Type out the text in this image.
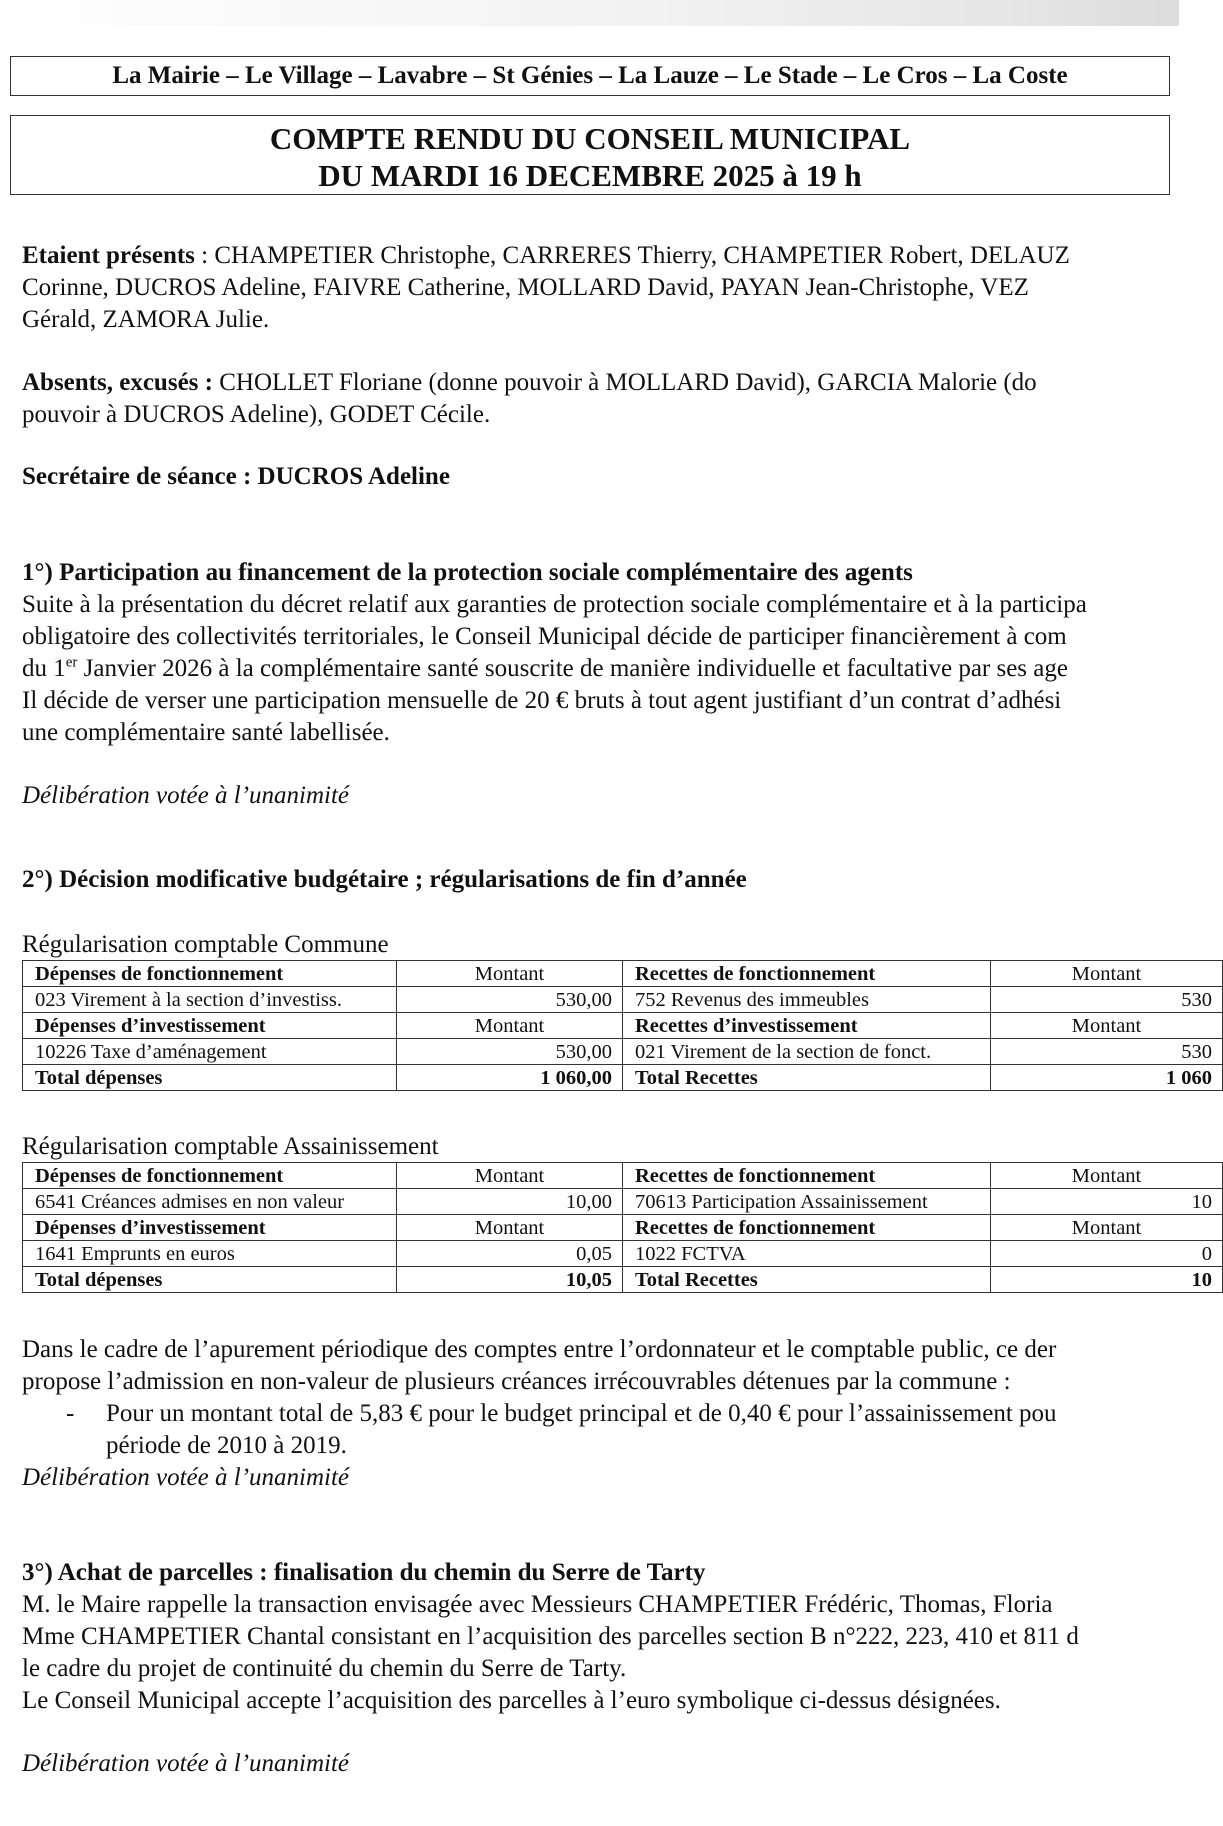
La Mairie – Le Village – Lavabre – St Génies – La Lauze – Le Stade – Le Cros – La Coste
COMPTE RENDU DU CONSEIL MUNICIPAL
DU MARDI 16 DECEMBRE 2025 à 19 h
Etaient présents : CHAMPETIER Christophe, CARRERES Thierry, CHAMPETIER Robert, DELAUZ
Corinne, DUCROS Adeline, FAIVRE Catherine, MOLLARD David, PAYAN Jean-Christophe, VEZ
Gérald, ZAMORA Julie.
Absents, excusés : CHOLLET Floriane (donne pouvoir à MOLLARD David), GARCIA Malorie (do
pouvoir à DUCROS Adeline), GODET Cécile.
Secrétaire de séance : DUCROS Adeline
1°) Participation au financement de la protection sociale complémentaire des agents
Suite à la présentation du décret relatif aux garanties de protection sociale complémentaire et à la participa
obligatoire des collectivités territoriales, le Conseil Municipal décide de participer financièrement à com
du 1er Janvier 2026 à la complémentaire santé souscrite de manière individuelle et facultative par ses age
Il décide de verser une participation mensuelle de 20 € bruts à tout agent justifiant d’un contrat d’adhési
une complémentaire santé labellisée.
Délibération votée à l’unanimité
2°) Décision modificative budgétaire ; régularisations de fin d’année
Régularisation comptable Commune
Dépenses de fonctionnement	Montant	Recettes de fonctionnement	Montant
023 Virement à la section d’investiss.	530,00	752 Revenus des immeubles	530
Dépenses d’investissement	Montant	Recettes d’investissement	Montant
10226 Taxe d’aménagement	530,00	021 Virement de la section de fonct.	530
Total dépenses	1 060,00	Total Recettes	1 060
Régularisation comptable Assainissement
Dépenses de fonctionnement	Montant	Recettes de fonctionnement	Montant
6541 Créances admises en non valeur	10,00	70613 Participation Assainissement	10
Dépenses d’investissement	Montant	Recettes de fonctionnement	Montant
1641 Emprunts en euros	0,05	1022 FCTVA	0
Total dépenses	10,05	Total Recettes	10
Dans le cadre de l’apurement périodique des comptes entre l’ordonnateur et le comptable public, ce der
propose l’admission en non-valeur de plusieurs créances irrécouvrables détenues par la commune :
- Pour un montant total de 5,83 € pour le budget principal et de 0,40 € pour l’assainissement pou
période de 2010 à 2019.
Délibération votée à l’unanimité
3°) Achat de parcelles : finalisation du chemin du Serre de Tarty
M. le Maire rappelle la transaction envisagée avec Messieurs CHAMPETIER Frédéric, Thomas, Floria
Mme CHAMPETIER Chantal consistant en l’acquisition des parcelles section B n°222, 223, 410 et 811 d
le cadre du projet de continuité du chemin du Serre de Tarty.
Le Conseil Municipal accepte l’acquisition des parcelles à l’euro symbolique ci-dessus désignées.
Délibération votée à l’unanimité
